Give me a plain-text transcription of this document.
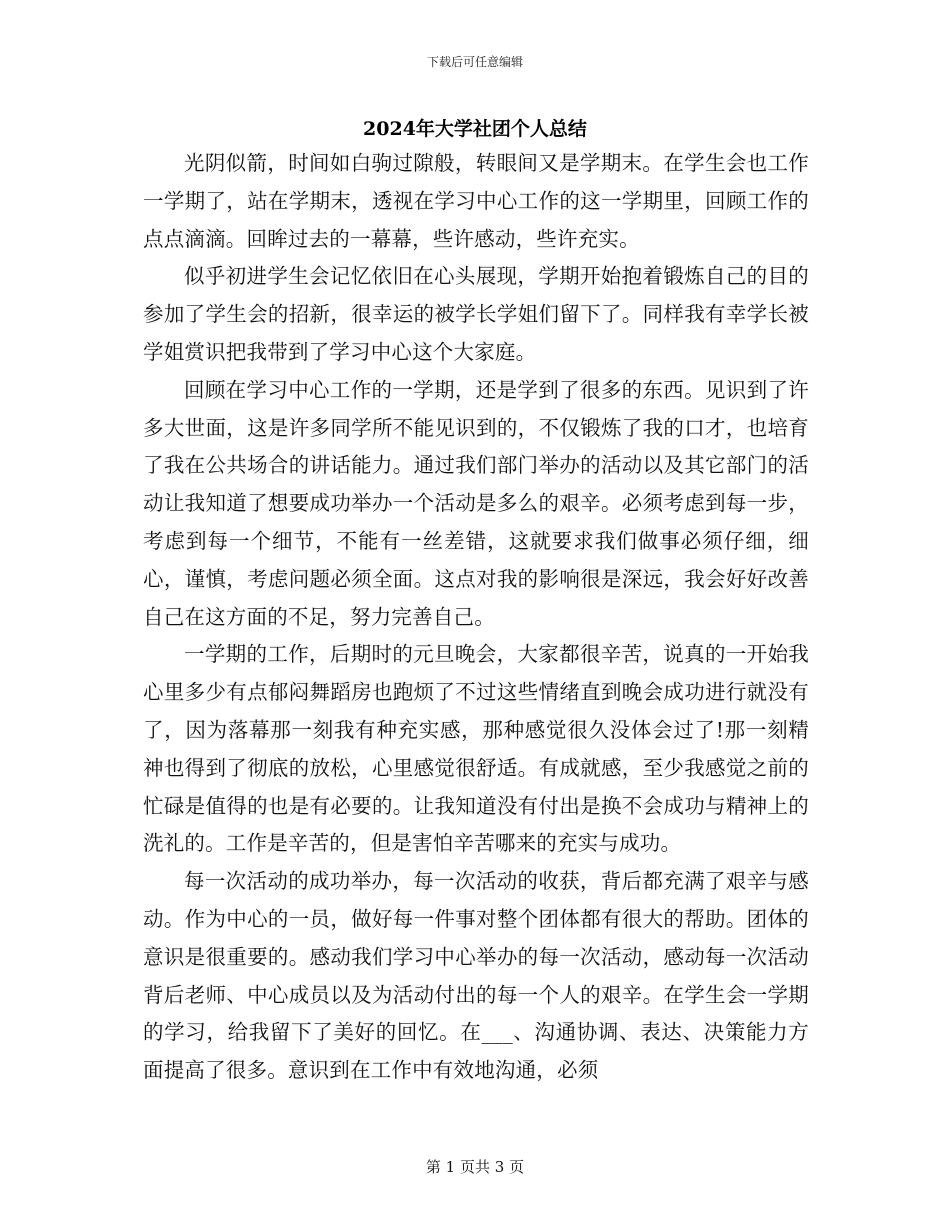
下载后可任意编辑
2024年大学社团个人总结

光阴似箭，时间如白驹过隙般，转眼间又是学期末。在学生会也工作一学期了，站在学期末，透视在学习中心工作的这一学期里，回顾工作的点点滴滴。回眸过去的一幕幕，些许感动，些许充实。

似乎初进学生会记忆依旧在心头展现，学期开始抱着锻炼自己的目的参加了学生会的招新，很幸运的被学长学姐们留下了。同样我有幸学长被学姐赏识把我带到了学习中心这个大家庭。

回顾在学习中心工作的一学期，还是学到了很多的东西。见识到了许多大世面，这是许多同学所不能见识到的，不仅锻炼了我的口才，也培育了我在公共场合的讲话能力。通过我们部门举办的活动以及其它部门的活动让我知道了想要成功举办一个活动是多么的艰辛。必须考虑到每一步，考虑到每一个细节，不能有一丝差错，这就要求我们做事必须仔细，细心，谨慎，考虑问题必须全面。这点对我的影响很是深远，我会好好改善自己在这方面的不足，努力完善自己。

一学期的工作，后期时的元旦晚会，大家都很辛苦，说真的一开始我心里多少有点郁闷舞蹈房也跑烦了不过这些情绪直到晚会成功进行就没有了，因为落幕那一刻我有种充实感，那种感觉很久没体会过了!那一刻精神也得到了彻底的放松，心里感觉很舒适。有成就感，至少我感觉之前的忙碌是值得的也是有必要的。让我知道没有付出是换不会成功与精神上的洗礼的。工作是辛苦的，但是害怕辛苦哪来的充实与成功。

每一次活动的成功举办，每一次活动的收获，背后都充满了艰辛与感动。作为中心的一员，做好每一件事对整个团体都有很大的帮助。团体的意识是很重要的。感动我们学习中心举办的每一次活动，感动每一次活动背后老师、中心成员以及为活动付出的每一个人的艰辛。在学生会一学期的学习，给我留下了美好的回忆。在___、沟通协调、表达、决策能力方面提高了很多。意识到在工作中有效地沟通，必须

第 1 页共 3 页
